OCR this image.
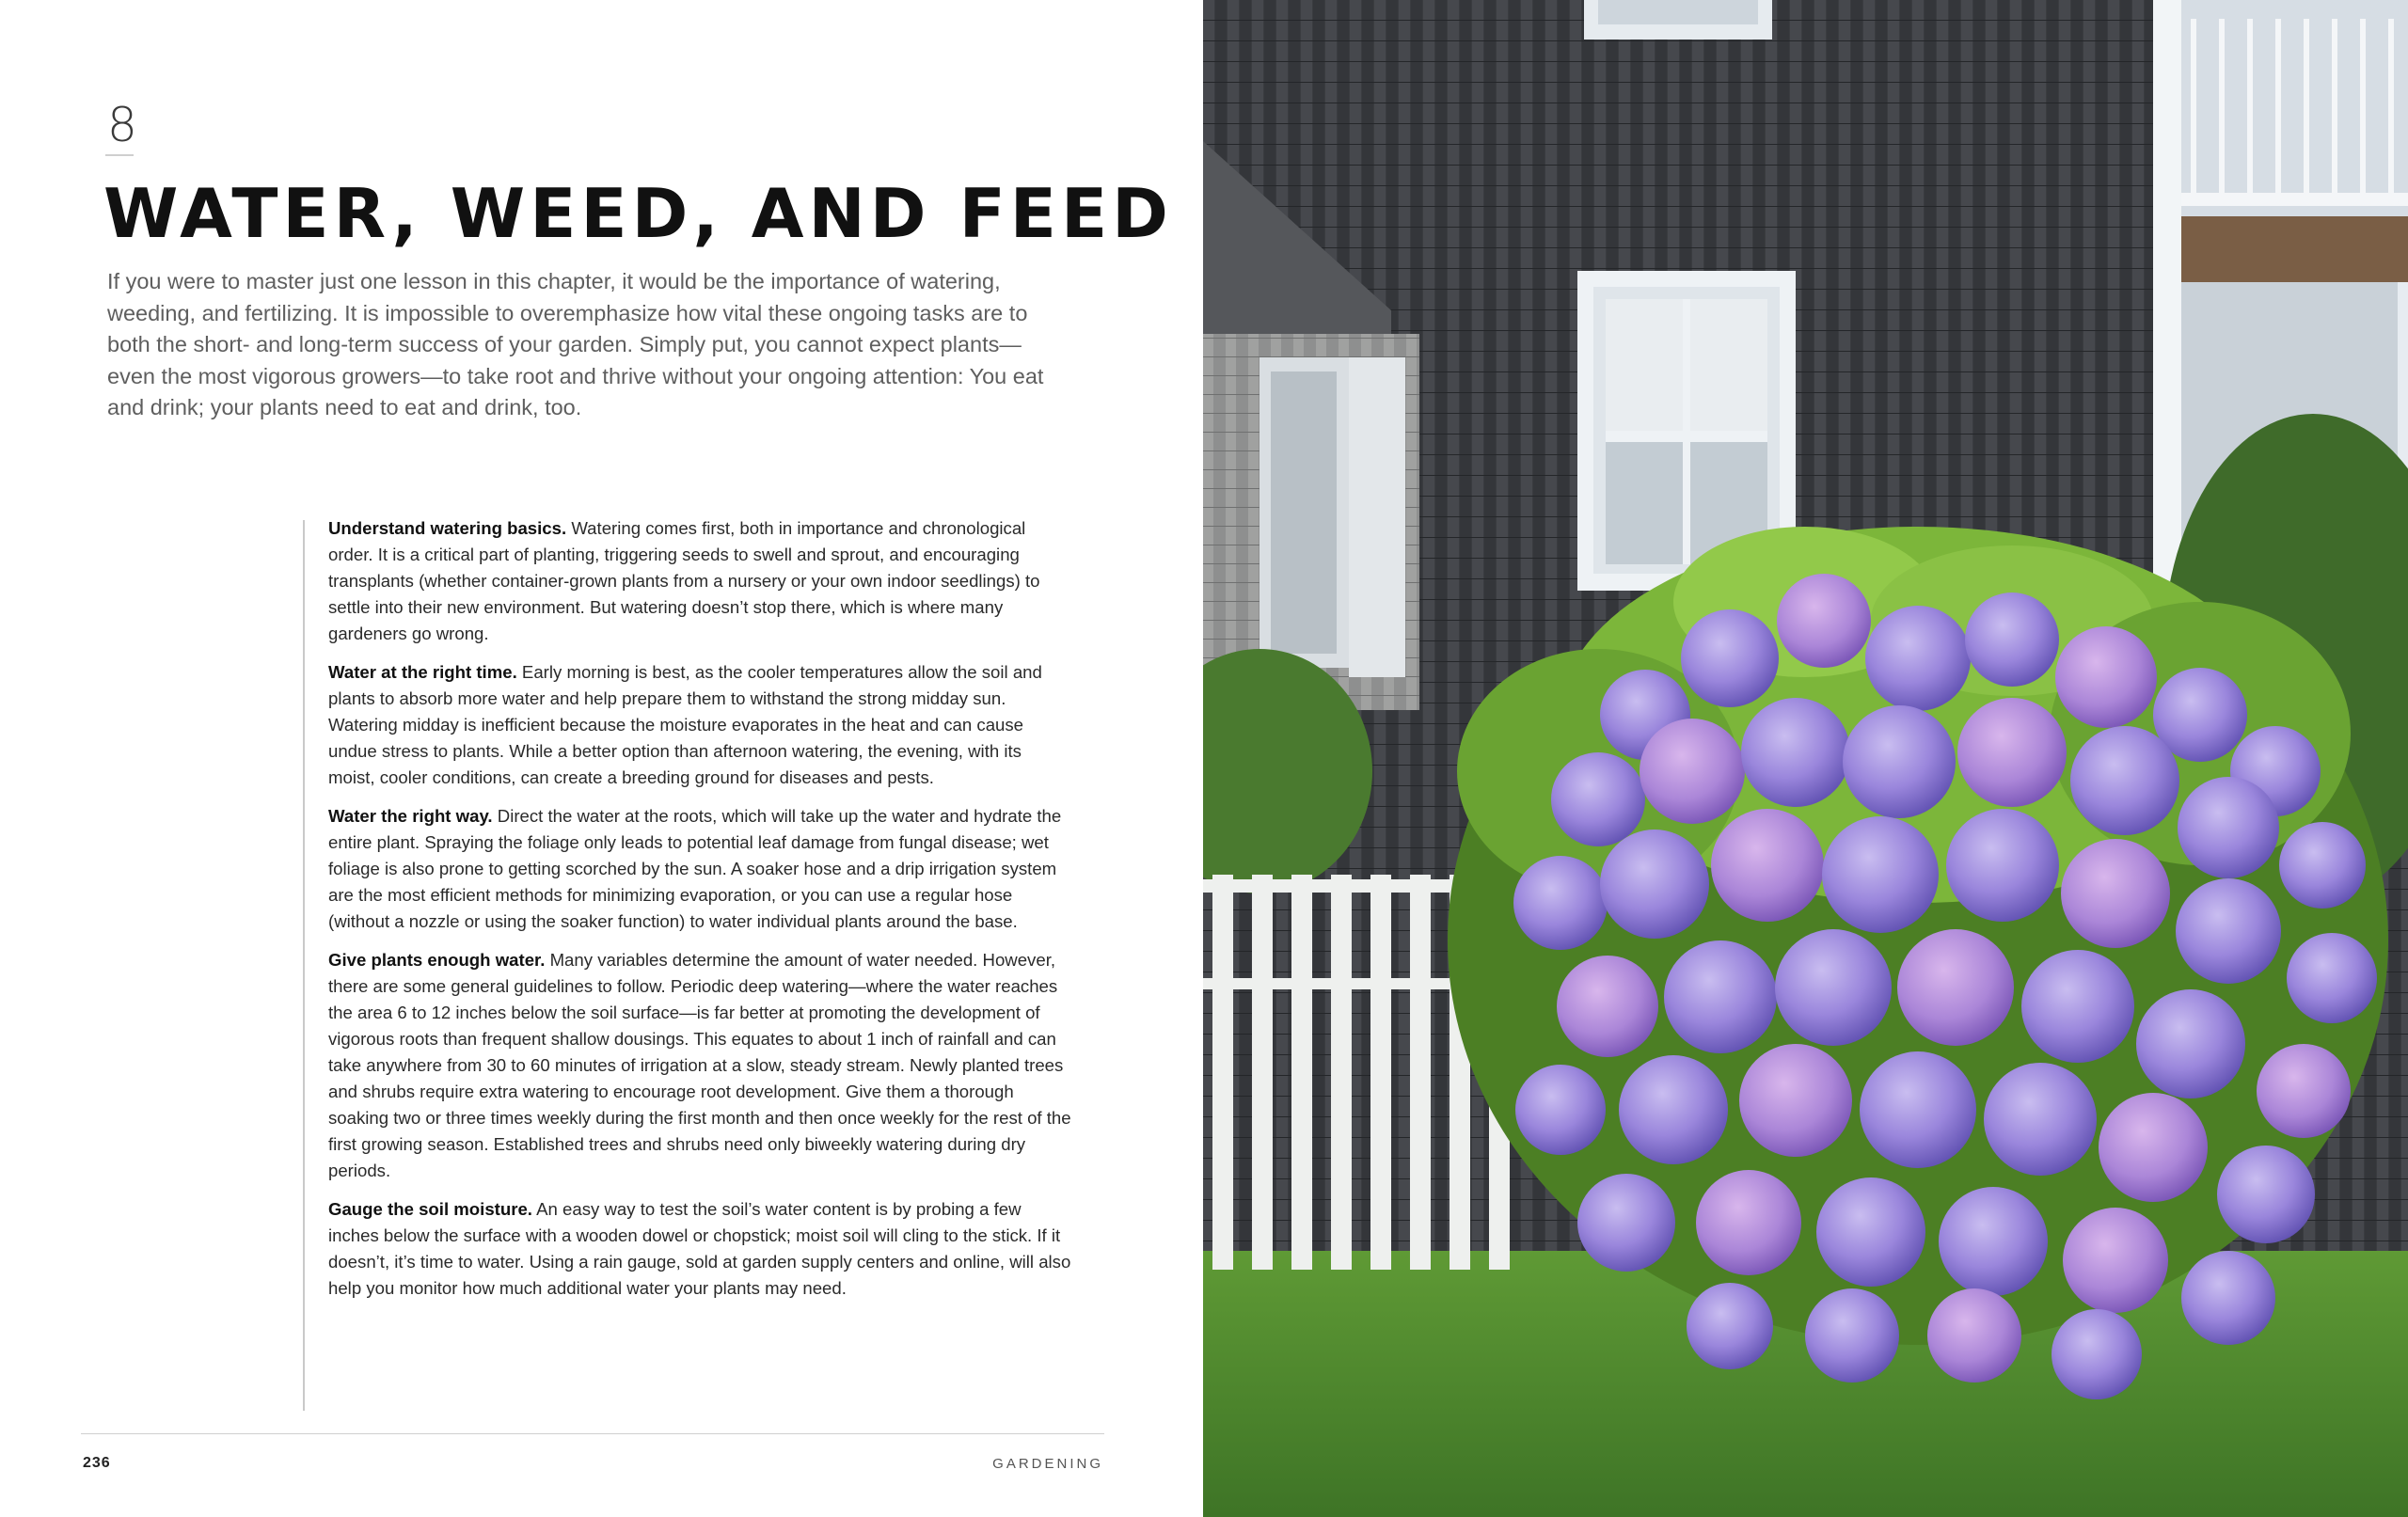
8
WATER, WEED, AND FEED

If you were to master just one lesson in this chapter, it would be the importance of watering, weeding, and fertilizing. It is impossible to overemphasize how vital these ongoing tasks are to both the short- and long-term success of your garden. Simply put, you cannot expect plants—even the most vigorous growers—to take root and thrive without your ongoing attention: You eat and drink; your plants need to eat and drink, too.

Understand watering basics. Watering comes first, both in importance and chronological order. It is a critical part of planting, triggering seeds to swell and sprout, and encouraging transplants (whether container-grown plants from a nursery or your own indoor seedlings) to settle into their new environment. But watering doesn’t stop there, which is where many gardeners go wrong.

Water at the right time. Early morning is best, as the cooler temperatures allow the soil and plants to absorb more water and help prepare them to withstand the strong midday sun. Watering midday is inefficient because the moisture evaporates in the heat and can cause undue stress to plants. While a better option than afternoon watering, the evening, with its moist, cooler conditions, can create a breeding ground for diseases and pests.

Water the right way. Direct the water at the roots, which will take up the water and hydrate the entire plant. Spraying the foliage only leads to potential leaf damage from fungal disease; wet foliage is also prone to getting scorched by the sun. A soaker hose and a drip irrigation system are the most efficient methods for minimizing evaporation, or you can use a regular hose (without a nozzle or using the soaker function) to water individual plants around the base.

Give plants enough water. Many variables determine the amount of water needed. However, there are some general guidelines to follow. Periodic deep watering—where the water reaches the area 6 to 12 inches below the soil surface—is far better at promoting the development of vigorous roots than frequent shallow dousings. This equates to about 1 inch of rainfall and can take anywhere from 30 to 60 minutes of irrigation at a slow, steady stream. Newly planted trees and shrubs require extra watering to encourage root development. Give them a thorough soaking two or three times weekly during the first month and then once weekly for the rest of the first growing season. Established trees and shrubs need only biweekly watering during dry periods.

Gauge the soil moisture. An easy way to test the soil’s water content is by probing a few inches below the surface with a wooden dowel or chopstick; moist soil will cling to the stick. If it doesn’t, it’s time to water. Using a rain gauge, sold at garden supply centers and online, will also help you monitor how much additional water your plants may need.

236	GARDENING
